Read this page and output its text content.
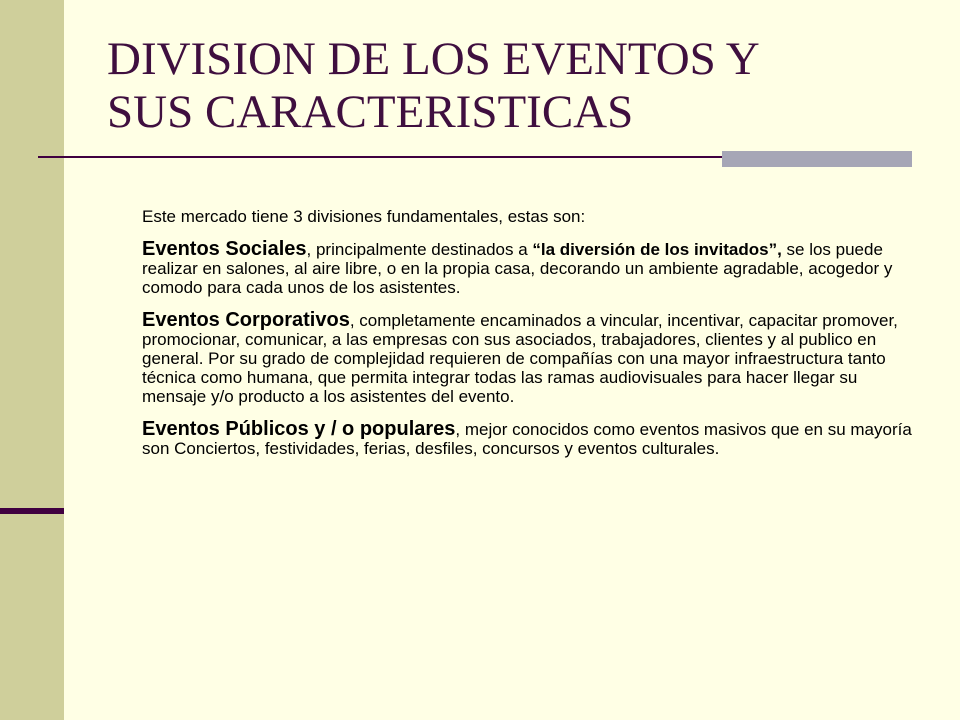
DIVISION DE LOS EVENTOS Y
SUS CARACTERISTICAS

Este mercado tiene 3 divisiones fundamentales, estas son:

Eventos Sociales, principalmente destinados a “la diversión de los invitados”, se los puede realizar en salones, al aire libre, o en la propia casa, decorando un ambiente agradable, acogedor y comodo para cada unos de los asistentes.

Eventos Corporativos, completamente encaminados a vincular, incentivar, capacitar promover, promocionar, comunicar, a las empresas con sus asociados, trabajadores, clientes y al publico en general. Por su grado de complejidad requieren de compañías con una mayor infraestructura tanto técnica como humana, que permita integrar todas las ramas audiovisuales para hacer llegar su mensaje y/o producto a los asistentes del evento.

Eventos Públicos y / o populares, mejor conocidos como eventos masivos que en su mayoría son Conciertos, festividades, ferias, desfiles, concursos y eventos culturales.
